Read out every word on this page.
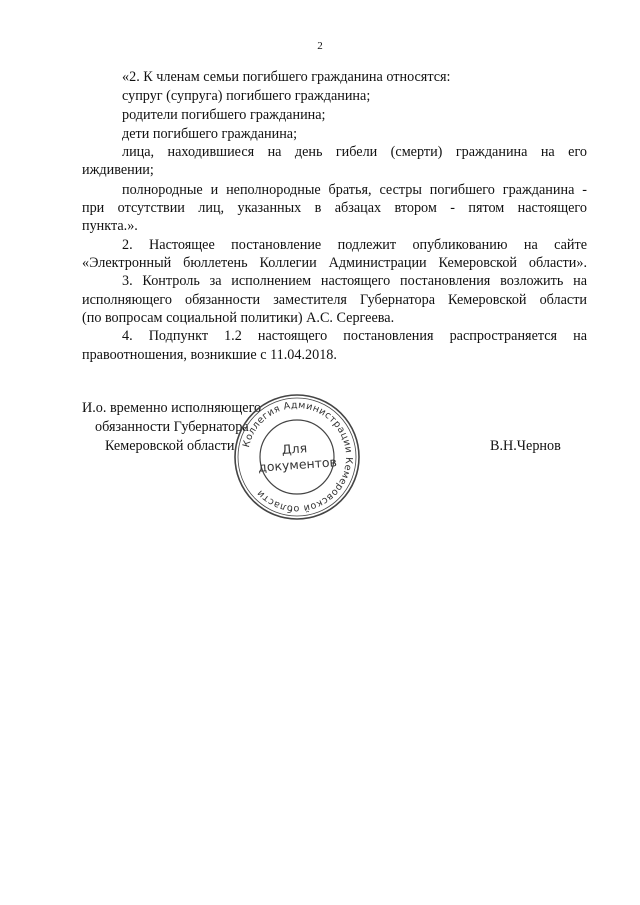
2
«2. К членам семьи погибшего гражданина относятся:
супруг (супруга) погибшего гражданина;
родители погибшего гражданина;
дети погибшего гражданина;
лица, находившиеся на день гибели (смерти) гражданина на его
иждивении;
полнородные и неполнородные братья, сестры погибшего гражданина -
при отсутствии лиц, указанных в абзацах втором - пятом настоящего
пункта.».
2. Настоящее постановление подлежит опубликованию на сайте
«Электронный бюллетень Коллегии Администрации Кемеровской области».
3. Контроль за исполнением настоящего постановления возложить на
исполняющего обязанности заместителя Губернатора Кемеровской области
(по вопросам социальной политики) А.С. Сергеева.
4. Подпункт 1.2 настоящего постановления распространяется на
правоотношения, возникшие с 11.04.2018.
И.о. временно исполняющего
обязанности Губернатора
Кемеровской области	В.Н.Чернов
Коллегия Администрации Кемеровской области
Для
документов
